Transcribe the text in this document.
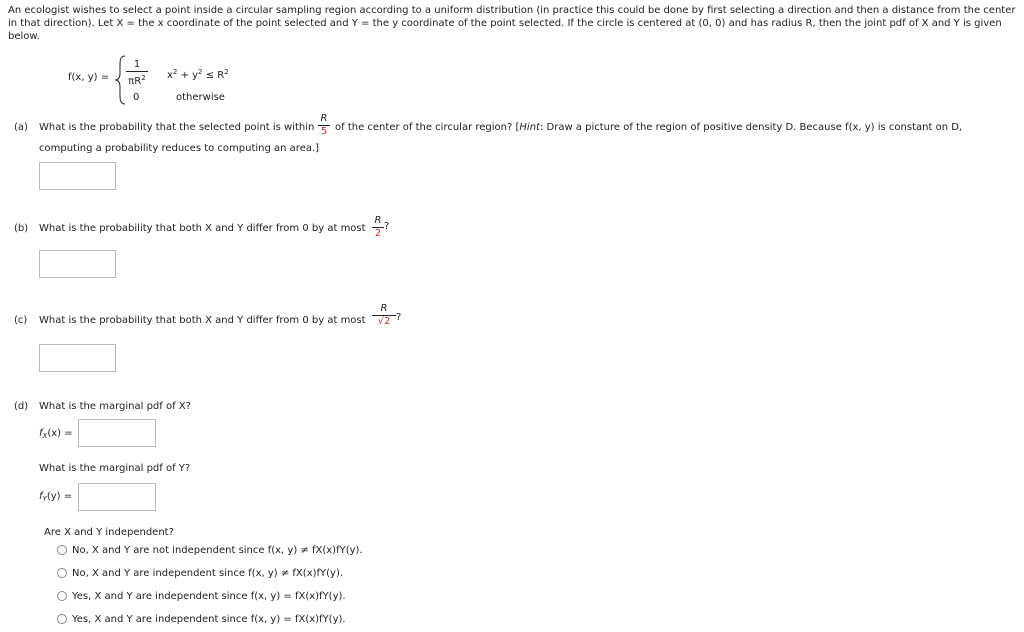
An ecologist wishes to select a point inside a circular sampling region according to a uniform distribution (in practice this could be done by first selecting a direction and then a distance from the center
in that direction). Let X = the x coordinate of the point selected and Y = the y coordinate of the point selected. If the circle is centered at (0, 0) and has radius R, then the joint pdf of X and Y is given
below.
f(x, y) =
1
$\pi R^2$ $x^2 + y^2 \le R^2$
0	otherwise
(a) What is the probability that the selected point is within
R
5 of the center of the circular region? [Hint: Draw a picture of the region of positive density D. Because f(x, y) is constant on D,
computing a probability reduces to computing an area.]
(b) What is the probability that both X and Y differ from 0 by at most
R
2
?
(c) What is the probability that both X and Y differ from 0 by at most
R
√2 ?
(d) What is the marginal pdf of X?
$f_X(x)$ =
What is the marginal pdf of Y?
$f_Y(y)$ =
Are X and Y independent?
No, X and Y are not independent since f(x, y) ≠ fX(x)fY(y).
No, X and Y are independent since f(x, y) ≠ fX(x)fY(y).
Yes, X and Y are independent since f(x, y) = fX(x)fY(y).
Yes, X and Y are independent since f(x, y) = fX(x)fY(y).
